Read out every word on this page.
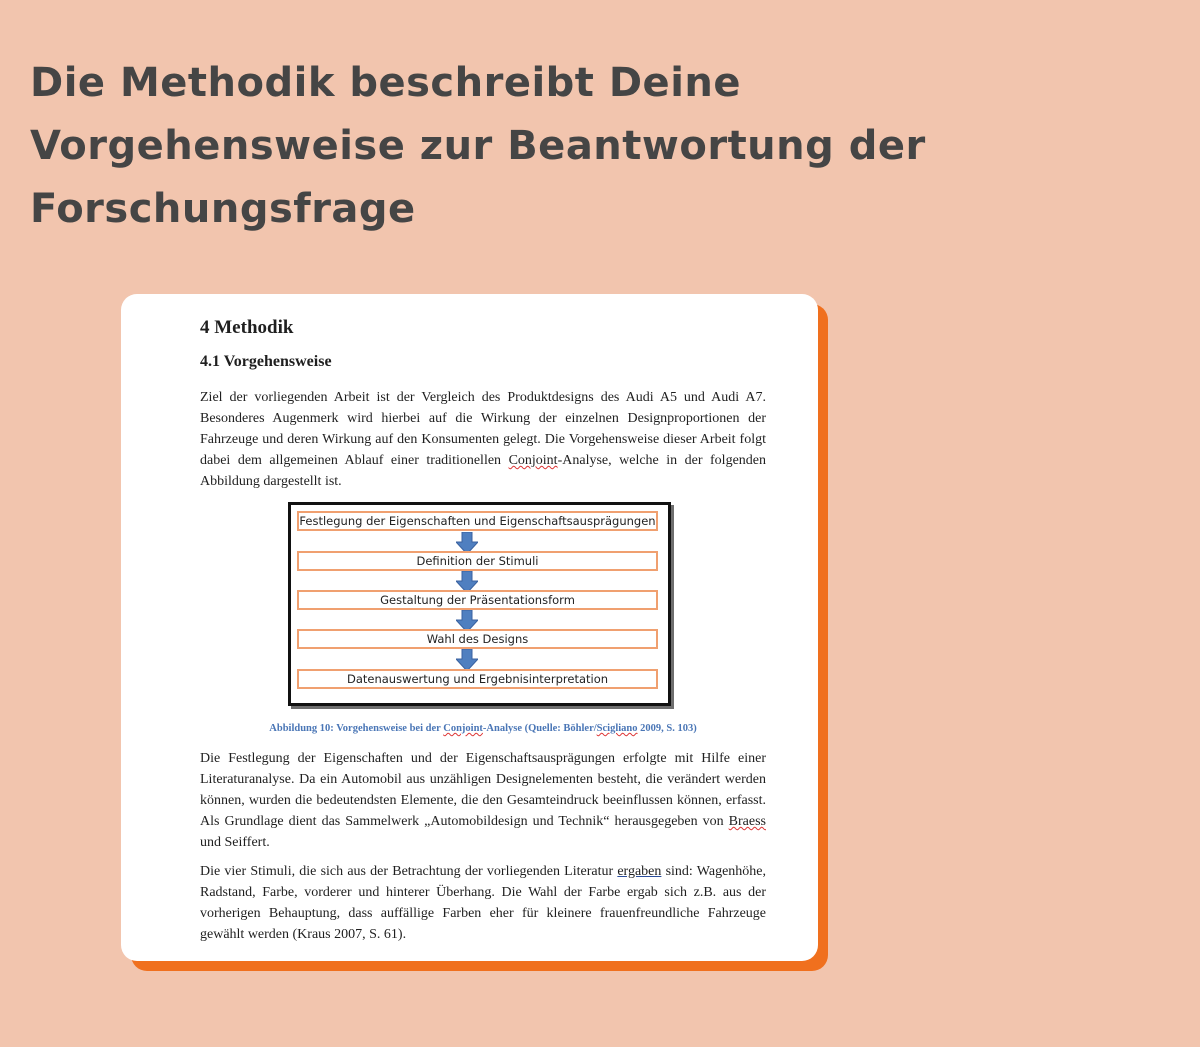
Die Methodik beschreibt Deine
Vorgehensweise zur Beantwortung der
Forschungsfrage
4 Methodik
4.1 Vorgehensweise

Ziel der vorliegenden Arbeit ist der Vergleich des Produktdesigns des Audi A5 und Audi A7. Besonderes Augenmerk wird hierbei auf die Wirkung der einzelnen Designproportionen der Fahrzeuge und deren Wirkung auf den Konsumenten gelegt. Die Vorgehensweise dieser Arbeit folgt dabei dem allgemeinen Ablauf einer traditionellen Conjoint-Analyse, welche in der folgenden Abbildung dargestellt ist.

Festlegung der Eigenschaften und Eigenschaftsausprägungen
Definition der Stimuli
Gestaltung der Präsentationsform
Wahl des Designs
Datenauswertung und Ergebnisinterpretation
Abbildung 10: Vorgehensweise bei der Conjoint-Analyse (Quelle: Böhler/Scigliano 2009, S. 103)

Die Festlegung der Eigenschaften und der Eigenschaftsausprägungen erfolgte mit Hilfe einer Literaturanalyse. Da ein Automobil aus unzähligen Designelementen besteht, die verändert werden können, wurden die bedeutendsten Elemente, die den Gesamteindruck beeinflussen können, erfasst. Als Grundlage dient das Sammelwerk „Automobildesign und Technik“ herausgegeben von Braess und Seiffert.

Die vier Stimuli, die sich aus der Betrachtung der vorliegenden Literatur ergaben sind: Wagenhöhe, Radstand, Farbe, vorderer und hinterer Überhang. Die Wahl der Farbe ergab sich z.B. aus der vorherigen Behauptung, dass auffällige Farben eher für kleinere frauenfreundliche Fahrzeuge gewählt werden (Kraus 2007, S. 61).
